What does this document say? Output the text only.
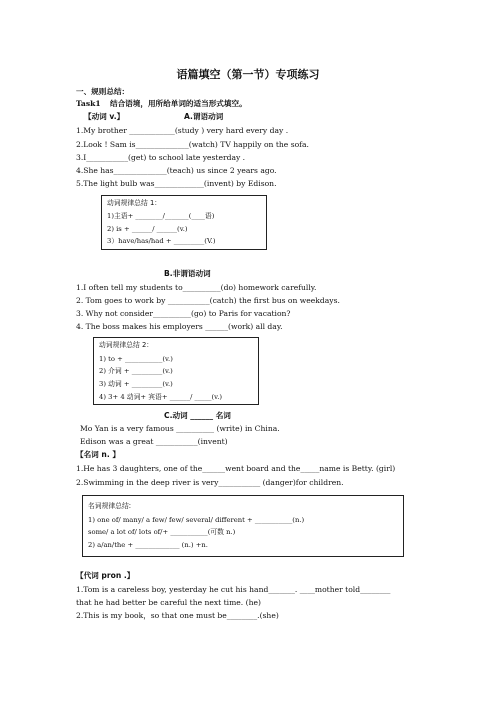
语篇填空（第一节）专项练习
一、规则总结：
Task1 结合语境，用所给单词的适当形式填空。
【动词 v.】	A.谓语动词
1.My brother ____________(study ) very hard every day .
2.Look ! Sam is______________(watch) TV happily on the sofa.
3.I___________(get) to school late yesterday .
4.She has______________(teach) us since 2 years ago.
5.The light bulb was_____________(invent) by Edison.
动词规律总结 1：
1)主语+ ________/_______(____语)
2) is + ______/ ______(v.)
3）have/has/had + _________(V.)
B.非谓语动词
1.I often tell my students to__________(do) homework carefully.
2. Tom goes to work by ___________(catch) the first bus on weekdays.
3. Why not consider__________(go) to Paris for vacation?
4. The boss makes his employers ______(work) all day.
动词规律总结 2：
1) to + ___________(v.)
2) 介词 + _________(v.)
3) 动词 + _________(v.)
4) 3+ 4 动词+ 宾语+ ______/ _____(v.)
C.动词 ______ 名词
Mo Yan is a very famous __________ (write) in China.
Edison was a great ___________(invent)
【名词 n. 】
1.He has 3 daughters, one of the______went board and the_____name is Betty. (girl)
2.Swimming in the deep river is very___________ (danger)for children.
名词规律总结:
1) one of/ many/ a few/ few/ several/ different + ___________(n.)
some/ a lot of/ lots of/+ ___________(可数 n.)
2) a/an/the + _____________ (n.) +n.
【代词 pron .】
1.Tom is a careless boy, yesterday he cut his hand_______. ____mother told________
that he had better be careful the next time. (he)
2.This is my book，so that one must be________.(she)
